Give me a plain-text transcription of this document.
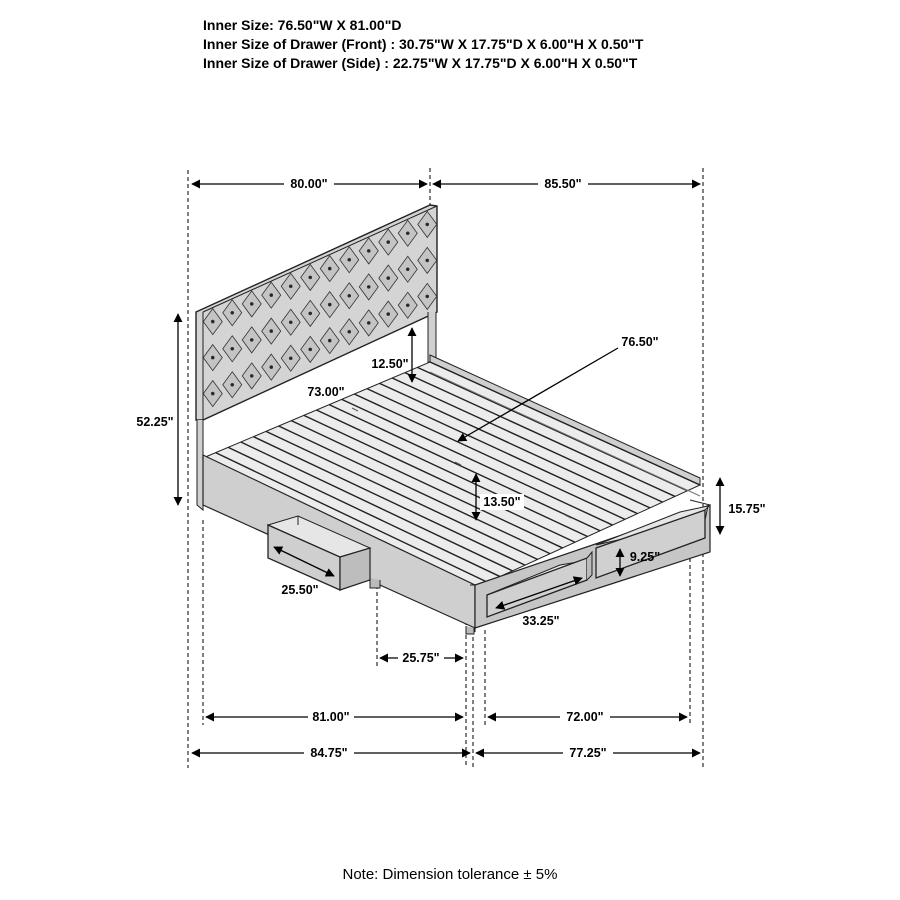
Inner Size: 76.50"W X 81.00"D
Inner Size of Drawer (Front) : 30.75"W X 17.75"D X 6.00"H X 0.50"T
Inner Size of Drawer (Side) : 22.75"W X 17.75"D X 6.00"H X 0.50"T
80.00"	85.50"
52.25"
12.50"
73.00"
76.50"
13.50"	15.75"
25.50"
9.25"
33.25"
25.75"
81.00"	72.00"
84.75"	77.25"
Note: Dimension tolerance ± 5%
